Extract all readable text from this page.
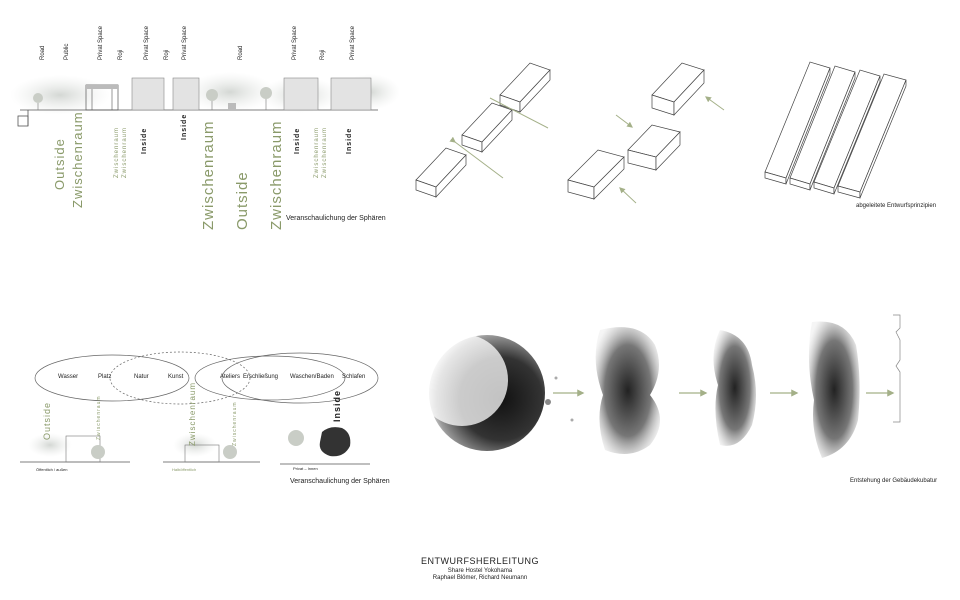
Road	Public	Privat Space Roji	Privat Space Roji Privat Space	Road	Privat Space	Roji	Privat Space
Outside Zwischenraum	Zwischenraum Zwischenraum Inside
Inside Zwischenraum Outside Zwischenraum Inside Zwischenraum Zwischenraum	Inside
Veranschaulichung der Sphären
abgeleitete Entwurfsprinzipien
Wasser	Platz	Natur	Kunst	Ateliers Erschließung Waschen/Baden Schlafen
Outside	Zwischenraum	Zwischenraum	Zwischenraum	Inside
Öffentlich / außen	Halböffentlich	Privat – Innen
Veranschaulichung der Sphären	Entstehung der Gebäudekubatur
ENTWURFSHERLEITUNG
Share Hostel Yokohama
Raphael Blömer, Richard Neumann
